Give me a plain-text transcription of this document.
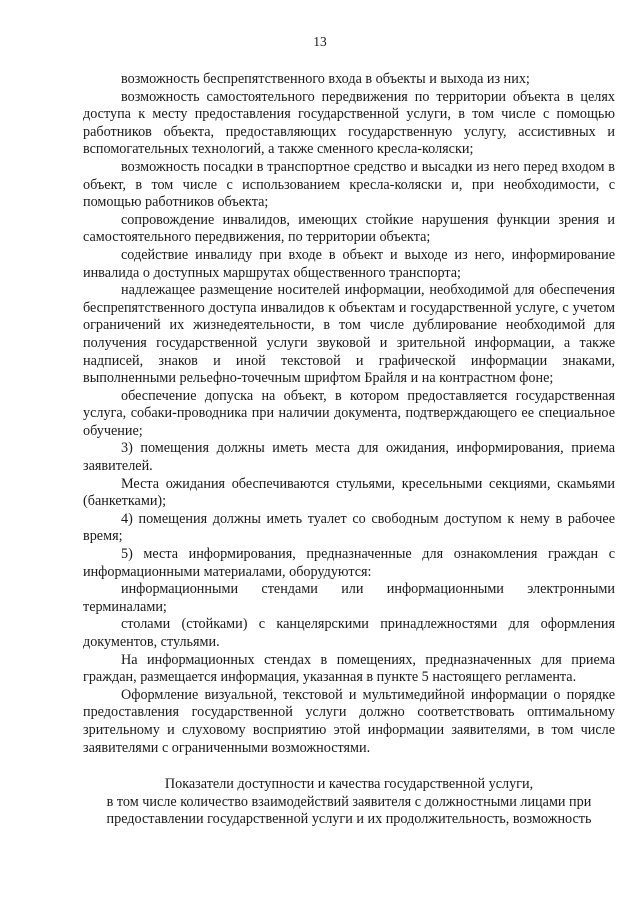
13

возможность беспрепятственного входа в объекты и выхода из них;

возможность самостоятельного передвижения по территории объекта в целях доступа к месту предоставления государственной услуги, в том числе с помощью работников объекта, предоставляющих государственную услугу, ассистивных и вспомогательных технологий, а также сменного кресла-коляски;

возможность посадки в транспортное средство и высадки из него перед входом в объект, в том числе с использованием кресла-коляски и, при необходимости, с помощью работников объекта;

сопровождение инвалидов, имеющих стойкие нарушения функции зрения и самостоятельного передвижения, по территории объекта;

содействие инвалиду при входе в объект и выходе из него, информирование инвалида о доступных маршрутах общественного транспорта;

надлежащее размещение носителей информации, необходимой для обеспечения беспрепятственного доступа инвалидов к объектам и государственной услуге, с учетом ограничений их жизнедеятельности, в том числе дублирование необходимой для получения государственной услуги звуковой и зрительной информации, а также надписей, знаков и иной текстовой и графической информации знаками, выполненными рельефно-точечным шрифтом Брайля и на контрастном фоне;

обеспечение допуска на объект, в котором предоставляется государственная услуга, собаки-проводника при наличии документа, подтверждающего ее специальное обучение;

3) помещения должны иметь места для ожидания, информирования, приема заявителей.

Места ожидания обеспечиваются стульями, кресельными секциями, скамьями (банкетками);

4) помещения должны иметь туалет со свободным доступом к нему в рабочее время;

5) места информирования, предназначенные для ознакомления граждан с информационными материалами, оборудуются:

информационными стендами или информационными электронными терминалами;

столами (стойками) с канцелярскими принадлежностями для оформления документов, стульями.

На информационных стендах в помещениях, предназначенных для приема граждан, размещается информация, указанная в пункте 5 настоящего регламента.

Оформление визуальной, текстовой и мультимедийной информации о порядке предоставления государственной услуги должно соответствовать оптимальному зрительному и слуховому восприятию этой информации заявителями, в том числе заявителями с ограниченными возможностями.

Показатели доступности и качества государственной услуги,
в том числе количество взаимодействий заявителя с должностными лицами при
предоставлении государственной услуги и их продолжительность, возможность
